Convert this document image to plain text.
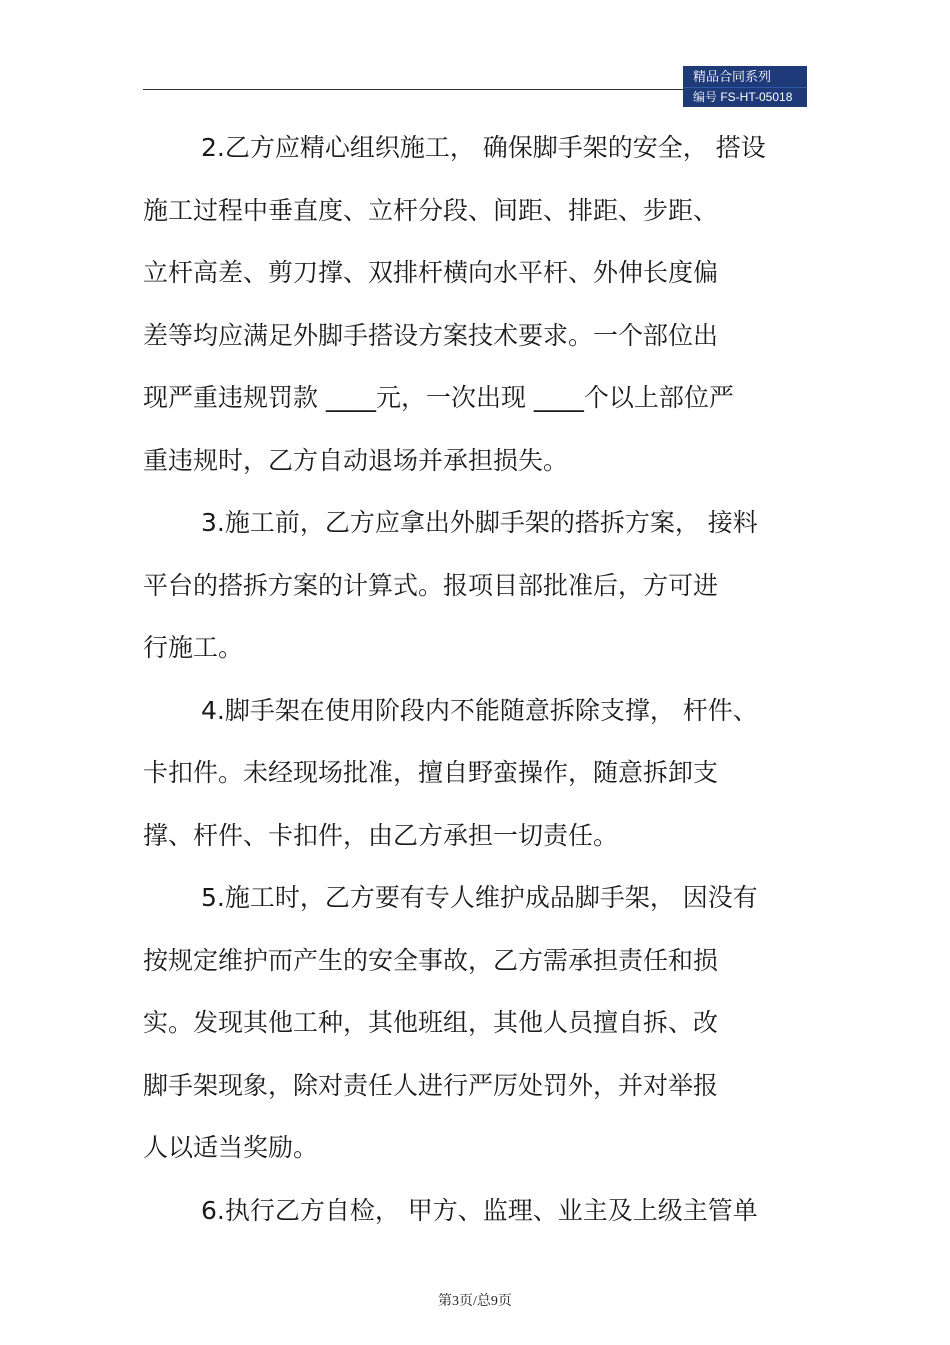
精品合同系列
编号 FS-HT-05018
2.乙方应精心组织施工， 确保脚手架的安全， 搭设
施工过程中垂直度、立杆分段、间距、排距、步距、
立杆高差、剪刀撑、双排杆横向水平杆、外伸长度偏
差等均应满足外脚手搭设方案技术要求。一个部位出
现严重违规罚款 ____元，一次出现 ____个以上部位严
重违规时，乙方自动退场并承担损失。
3.施工前，乙方应拿出外脚手架的搭拆方案， 接料
平台的搭拆方案的计算式。报项目部批准后，方可进
行施工。
4.脚手架在使用阶段内不能随意拆除支撑， 杆件、
卡扣件。未经现场批准，擅自野蛮操作，随意拆卸支
撑、杆件、卡扣件，由乙方承担一切责任。
5.施工时，乙方要有专人维护成品脚手架， 因没有
按规定维护而产生的安全事故，乙方需承担责任和损
实。发现其他工种，其他班组，其他人员擅自拆、改
脚手架现象，除对责任人进行严厉处罚外，并对举报
人以适当奖励。
6.执行乙方自检， 甲方、监理、业主及上级主管单
第3页/总9页
